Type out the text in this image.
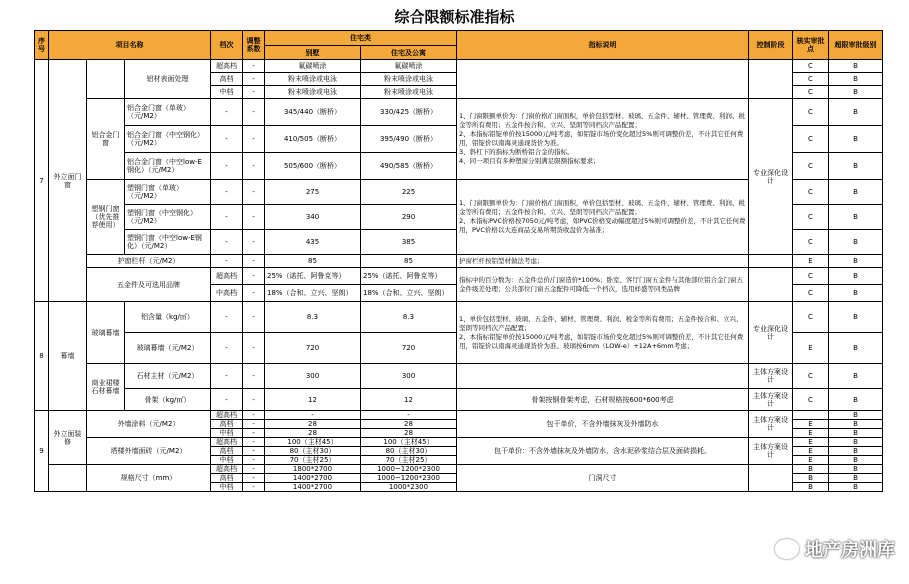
综合限额标准指标
序号	项目名称			档次	调整系数	住宅类		指标说明	控制阶段	核实审批点	超限审批级别
						别墅	住宅及公寓				
7	外立面门窗		铝材表面处理	超高档	-	氟碳喷涂	氟碳喷涂			C	B
				高档	-	粉末喷涂或电泳	粉末喷涂或电泳			C	B
				中档	-	粉末喷涂或电泳	粉末喷涂或电泳			C	B
		铝合金门窗	铝合金门窗（单玻）（元/M2）	-	-	345/440（断桥）	330/425（断桥）	1、门窗限额单价为：门窗价格/门窗面积，单价包括型材、玻璃、五金件、辅材、管理费、利润、税金等所有费用；五金件按合和、立兴、坚朗等同档次产品配置；
2、本指标铝锭单价按15000元/吨考虑，如铝锭市场价变化超过5%则可调整价差，不计其它任何费用，铝锭价以南海灵通现货价为准。
3、斜杠下的指标为断桥铝合金的指标。
4、同一项目有多种塑窗分别满足限额指标要求；	专业深化设计	C	B
			铝合金门窗（中空钢化）（元/M2）	-	-	410/505（断桥）	395/490（断桥）			C	B
			铝合金门窗（中空low-E钢化）（元/M2）	-	-	505/600（断桥）	490/585（断桥）			C	B
		塑钢门窗（优先推荐使用）	塑钢门窗（单玻）（元/M2）	-	-	275	225	1、门窗限额单价为：门窗价格/门窗面积，单价包括型材、玻璃、五金件、辅材、管理费、利润、税金等所有费用；五金件按合和、立兴、坚朗等同档次产品配置；
2、本指标PVC价格按7050元/吨考虑，如PVC价格变动幅度超过5%则可调整价差，不计其它任何费用，PVC价格以大连商品交易所期货收盘价为基准；		C	B
			塑钢门窗（中空钢化）（元/M2）	-	-	340	290			C	B
			塑钢门窗（中空low-E钢化）（元/M2）	-	-	435	385			C	B
		护窗栏杆（元/M2）		-	-	85	85	护窗栏杆按铝型材做法考虑；		E	B
		五金件及可选用品牌		超高档	-	25%（诺托、阿鲁克等）	25%（诺托、阿鲁克等）	指标中的百分数为：五金件总价/门窗造价*100%；卧室、客厅门窗五金件与其他部位铝合金门窗五金件级差处理；公共部位门窗五金配件可降低一个档次，选用样盛等同类品牌		C	B
				中高档	-	18%（合和、立兴、坚朗）	18%（合和、立兴、坚朗）			C	B
8	幕墙	玻璃幕墙	铝含量（kg/㎡）	-	-	8.3	8.3	1、单价包括型材、玻璃、五金件、辅材、管理费、利润、税金等所有费用；五金件按合和、立兴、坚朗等同档次产品配置；
2、本指标铝锭单价按15000元/吨考虑，如铝锭市场价变化超过5%则可调整价差，不计其它任何费用，铝锭价以南海灵通现货价为准。玻璃按6mm（LOW-e）+12A+6mm考虑；	专业深化设计	C	B
			玻璃幕墙（元/M2）	-	-	720	720			E	B
		商业裙楼石材幕墙	石材主材（元/M2）	-	-	300	300		主体方案设计	C	B
			骨架（kg/㎡）	-	-	12	12	骨架按钢骨架考虑，石材规格按600*600考虑	主体方案设计	C	B
9	外立面装修	外墙涂料（元/M2）		超高档	-	-	-	包干单价，不含外墙抹灰及外墙防水	主体方案设计		B
				高档	-	28	28			E	B
				中档	-	28	28			E	B
		塔楼外墙面砖（元/M2）		超高档	-	100（主材45）	100（主材45）	包干单价：不含外墙抹灰及外墙防水，含水泥砂浆结合层及面砖损耗。	主体方案设计	E	B
				高档	-	80（主材30）	80（主材30）			E	B
				中档	-	70（主材25）	70（主材25）			E	B
		规格尺寸（mm）		超高档	-	1800*2700	1000~1200*2300	门洞尺寸		B	B
				高档	-	1400*2700	1000~1200*2300			B	B
				中档	-	1400*2700	1000*2300			B	B
地产房洲库
